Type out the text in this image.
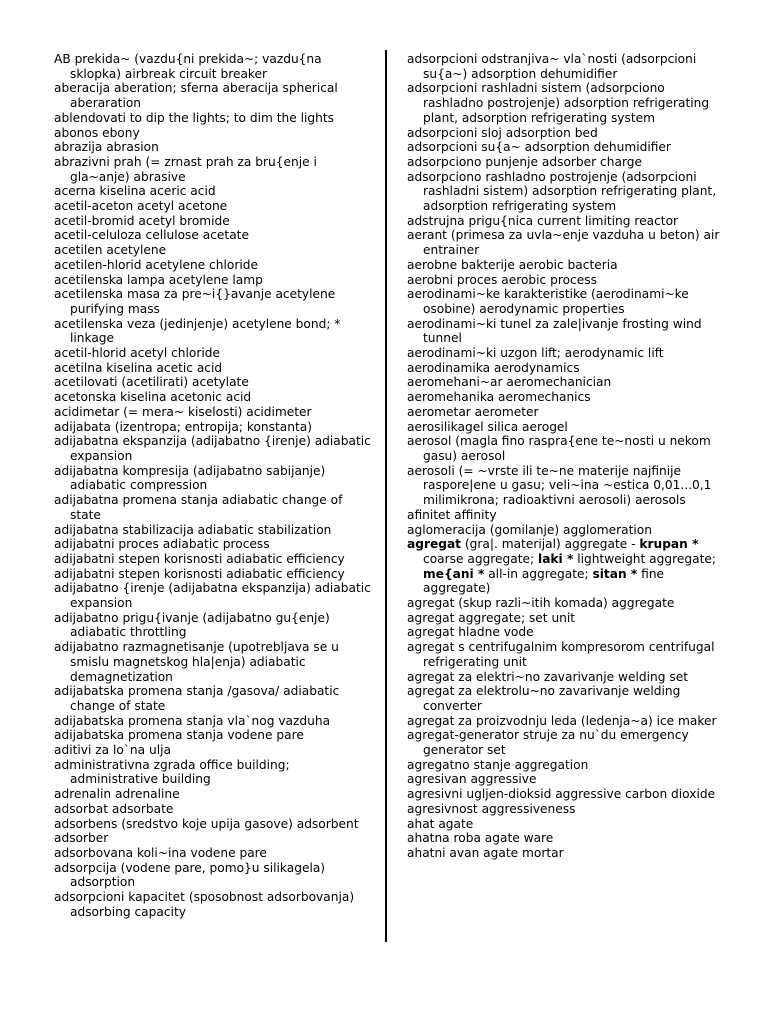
AB prekida~ (vazdu{ni prekida~; vazdu{na sklopka) airbreak circuit breaker

aberacija aberation; sferna aberacija spherical aberaration

ablendovati to dip the lights; to dim the lights

abonos ebony

abrazija abrasion

abrazivni prah (= zrnast prah za bru{enje i gla~anje) abrasive

acerna kiselina aceric acid

acetil-aceton acetyl acetone

acetil-bromid acetyl bromide

acetil-celuloza cellulose acetate

acetilen acetylene

acetilen-hlorid acetylene chloride

acetilenska lampa acetylene lamp

acetilenska masa za pre~i{}avanje acetylene purifying mass

acetilenska veza (jedinjenje) acetylene bond; * linkage

acetil-hlorid acetyl chloride

acetilna kiselina acetic acid

acetilovati (acetilirati) acetylate

acetonska kiselina acetonic acid

acidimetar (= mera~ kiselosti) acidimeter

adijabata (izentropa; entropija; konstanta)

adijabatna ekspanzija (adijabatno {irenje) adiabatic expansion

adijabatna kompresija (adijabatno sabijanje) adiabatic compression

adijabatna promena stanja adiabatic change of state

adijabatna stabilizacija adiabatic stabilization

adijabatni proces adiabatic process

adijabatni stepen korisnosti adiabatic efficiency

adijabatni stepen korisnosti adiabatic efficiency

adijabatno {irenje (adijabatna ekspanzija) adiabatic expansion

adijabatno prigu{ivanje (adijabatno gu{enje) adiabatic throttling

adijabatno razmagnetisanje (upotrebljava se u smislu magnetskog hla|enja) adiabatic demagnetization

adijabatska promena stanja /gasova/ adiabatic change of state

adijabatska promena stanja vla`nog vazduha

adijabatska promena stanja vodene pare

aditivi za lo`na ulja

administrativna zgrada office building; administrative building

adrenalin adrenaline

adsorbat adsorbate

adsorbens (sredstvo koje upija gasove) adsorbent

adsorber

adsorbovana koli~ina vodene pare

adsorpcija (vodene pare, pomo}u silikagela) adsorption

adsorpcioni kapacitet (sposobnost adsorbovanja) adsorbing capacity

adsorpcioni odstranjiva~ vla`nosti (adsorpcioni su{a~) adsorption dehumidifier

adsorpcioni rashladni sistem (adsorpciono rashladno postrojenje) adsorption refrigerating plant, adsorption refrigerating system

adsorpcioni sloj adsorption bed

adsorpcioni su{a~ adsorption dehumidifier

adsorpciono punjenje adsorber charge

adsorpciono rashladno postrojenje (adsorpcioni rashladni sistem) adsorption refrigerating plant, adsorption refrigerating system

adstrujna prigu{nica current limiting reactor

aerant (primesa za uvla~enje vazduha u beton) air entrainer

aerobne bakterije aerobic bacteria

aerobni proces aerobic process

aerodinami~ke karakteristike (aerodinami~ke osobine) aerodynamic properties

aerodinami~ki tunel za zale|ivanje frosting wind tunnel

aerodinami~ki uzgon lift; aerodynamic lift

aerodinamika aerodynamics

aeromehani~ar aeromechanician

aeromehanika aeromechanics

aerometar aerometer

aerosilikagel silica aerogel

aerosol (magla fino raspra{ene te~nosti u nekom gasu) aerosol

aerosoli (= ~vrste ili te~ne materije najfinije raspore|ene u gasu; veli~ina ~estica 0,01...0,1 milimikrona; radioaktivni aerosoli) aerosols

afinitet affinity

aglomeracija (gomilanje) agglomeration

agregat (gra|. materijal) aggregate - krupan * coarse aggregate; laki * lightweight aggregate; me{ani * all-in aggregate; sitan * fine aggregate)

agregat (skup razli~itih komada) aggregate

agregat aggregate; set unit

agregat hladne vode

agregat s centrifugalnim kompresorom centrifugal refrigerating unit

agregat za elektri~no zavarivanje welding set

agregat za elektrolu~no zavarivanje welding converter

agregat za proizvodnju leda (ledenja~a) ice maker

agregat-generator struje za nu`du emergency generator set

agregatno stanje aggregation

agresivan aggressive

agresivni ugljen-dioksid aggressive carbon dioxide

agresivnost aggressiveness

ahat agate

ahatna roba agate ware

ahatni avan agate mortar
